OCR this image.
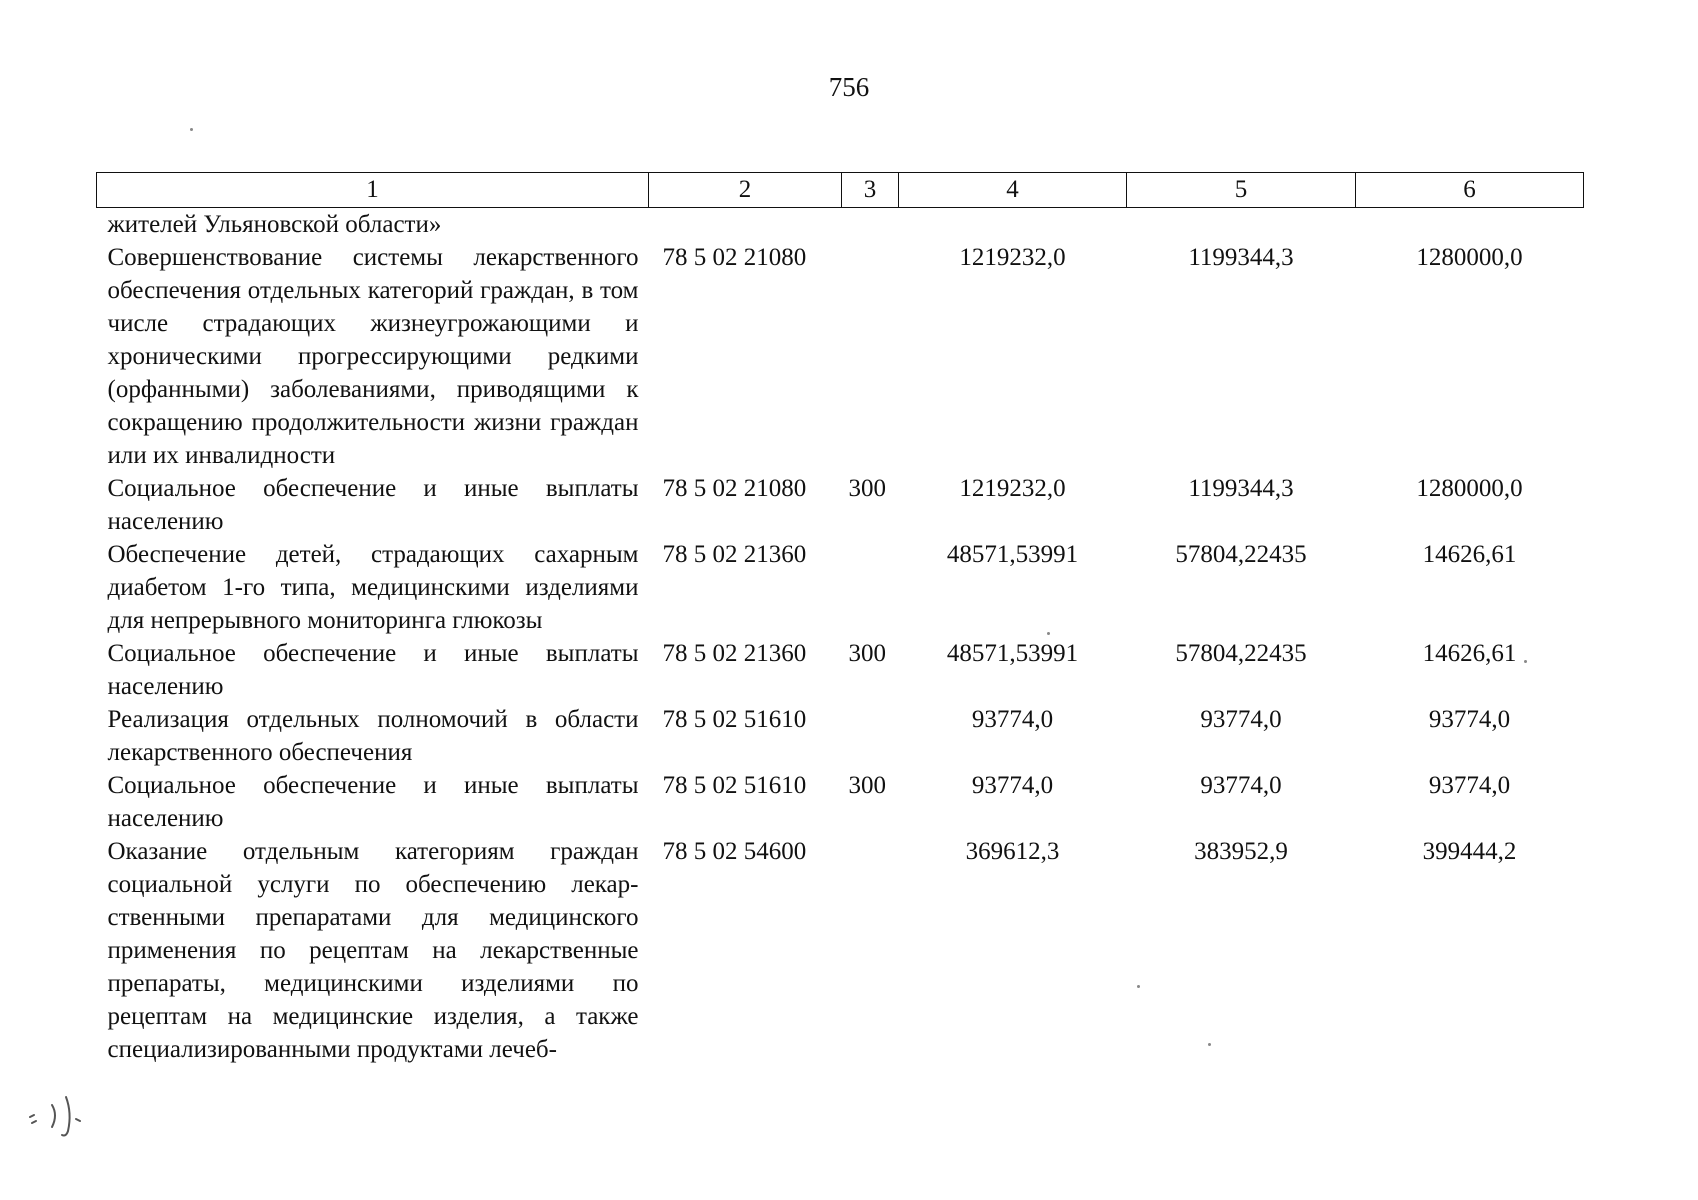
756
1	2	3	4	5	6
жителей Ульяновской области»					
Совершенствование системы лекарственного обеспечения отдельных категорий граждан, в том числе страдающих жизнеугрожающими и хроническими прогрессирующими редкими (орфанными) заболеваниями, приводящими к сокращению продолжительности жизни граждан или их инвалидности	78 5 02 21080		1219232,0	1199344,3	1280000,0
Социальное обеспечение и иные выплаты населению	78 5 02 21080	300	1219232,0	1199344,3	1280000,0
Обеспечение детей, страдающих сахарным диабетом 1-го типа, медицинскими изделиями для непрерывного мониторинга глюкозы	78 5 02 21360		48571,53991	57804,22435	14626,61
Социальное обеспечение и иные выплаты населению	78 5 02 21360	300	48571,53991	57804,22435	14626,61
Реализация отдельных полномочий в области лекарственного обеспечения	78 5 02 51610		93774,0	93774,0	93774,0
Социальное обеспечение и иные выплаты населению	78 5 02 51610	300	93774,0	93774,0	93774,0
Оказание отдельным категориям граждан социальной услуги по обеспечению лекарственными препаратами для медицинского применения по рецептам на лекарственные препараты, медицинскими изделиями по рецептам на медицинские изделия, а также специализированными продуктами лечеб-	78 5 02 54600		369612,3	383952,9	399444,2
